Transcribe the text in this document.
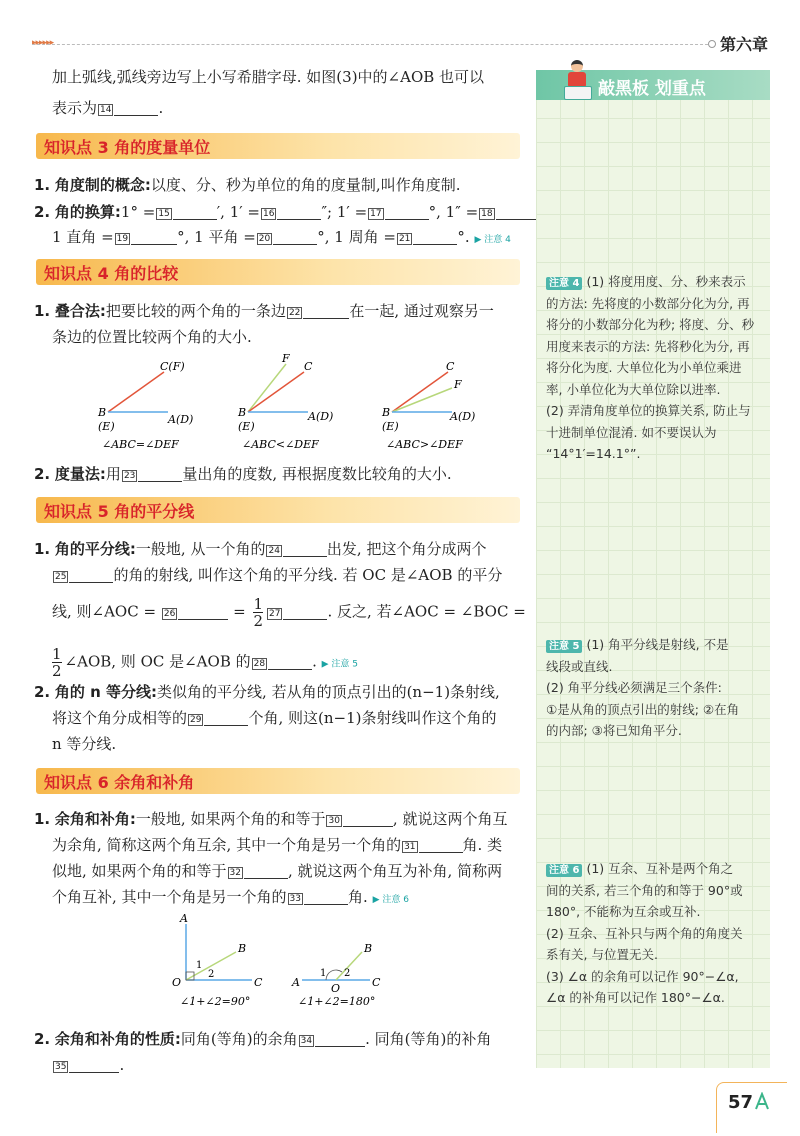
▸▸▸▸▸▸	第六章
加上弧线,弧线旁边写上小写希腊字母. 如图(3)中的∠AOB 也可以
表示为 14	.
知识点 3 角的度量单位
1. 角度制的概念:以度、分、秒为单位的角的度量制,叫作角度制.
2. 角的换算:1° = 15	′, 1′ = 16	″; 1′ = 17	°, 1″ = 18
1 直角 = 19	°, 1 平角 = 20	°, 1 周角 = 21	°. ▶ 注意 4
知识点 4 角的比较
1. 叠合法:把要比较的两个角的一条边 22	在一起, 通过观察另一
条边的位置比较两个角的大小.
C(F)
B
(E)
A(D)
∠ABC=∠DEF
F
C
B
(E)
A(D)
∠ABC<∠DEF
C
F
B
(E)
A(D)
∠ABC>∠DEF
2. 度量法:用 23	量出角的度数, 再根据度数比较角的大小.
知识点 5 角的平分线
1. 角的平分线:一般地, 从一个角的 24	出发, 把这个角分成两个
25	的角的射线, 叫作这个角的平分线. 若 OC 是∠AOB 的平分
线, 则∠AOC = 26	= $\frac{1}{2} 27$	. 反之, 若∠AOC = ∠BOC =
$\frac{1}{2}$ ∠AOB, 则 OC 是∠AOB 的 28	. ▶ 注意 5
2. 角的 n 等分线:类似角的平分线, 若从角的顶点引出的(n−1)条射线,
将这个角分成相等的 29	个角, 则这(n−1)条射线叫作这个角的
n 等分线.
知识点 6 余角和补角
1. 余角和补角:一般地, 如果两个角的和等于 30	, 就说这两个角互
为余角, 简称这两个角互余, 其中一个角是另一个角的 31	角. 类
似地, 如果两个角的和等于 32	, 就说这两个角互为补角, 简称两
个角互补, 其中一个角是另一个角的 33	角. ▶ 注意 6
A
B
O	C
1
2
∠1+∠2=90°
A
B
O	C
1 2
∠1+∠2=180°
2. 余角和补角的性质:同角(等角)的余角 34	. 同角(等角)的补角
35	.
敲黑板 划重点
注意 4 (1) 将度用度、分、秒来表示
的方法: 先将度的小数部分化为分, 再
将分的小数部分化为秒; 将度、分、秒
用度来表示的方法: 先将秒化为分, 再
将分化为度. 大单位化为小单位乘进
率, 小单位化为大单位除以进率.
(2) 弄清角度单位的换算关系, 防止与
十进制单位混淆. 如不要误认为
“14°1′=14.1°”.
注意 5 (1) 角平分线是射线, 不是
线段或直线.
(2) 角平分线必须满足三个条件:
①是从角的顶点引出的射线; ②在角
的内部; ③将已知角平分.
注意 6 (1) 互余、互补是两个角之
间的关系, 若三个角的和等于 90°或
180°, 不能称为互余或互补.
(2) 互余、互补只与两个角的角度关
系有关, 与位置无关.
(3) ∠α 的余角可以记作 90°−∠α,
∠α 的补角可以记作 180°−∠α.
57
